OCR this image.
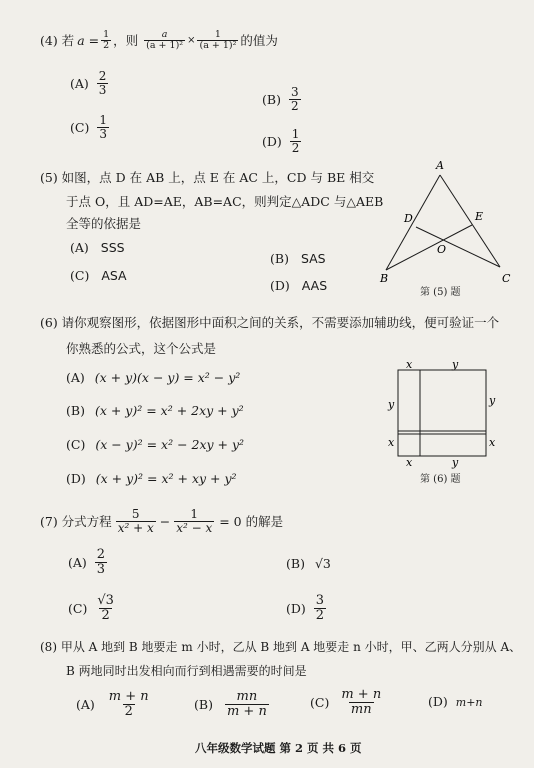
(4) 若 $a = \frac{1}{2}$ ，则 $\frac{a}{\text{(a + 1)²}} \times \frac{1}{\text{(a + 1)²}}$ 的值为
$(A) \frac{2}{3}$
$(B) \frac{3}{2}$
$(C) \frac{1}{3}$
$(D) \frac{1}{2}$
(5) 如图，点 D 在 AB 上，点 E 在 AC 上，CD 与 BE 相交
于点 O，且 AD=AE，AB=AC，则判定△ADC 与△AEB
全等的依据是
(A) SSS
(B) SAS
(C) ASA
(D) AAS
A
B	C
D	E
O
第 (5) 题
(6) 请你观察图形，依据图形中面积之间的关系，不需要添加辅助线，便可验证一个
你熟悉的公式，这个公式是
(A) (x + y)(x − y) = x² − y²
(B) (x + y)² = x² + 2xy + y²
(C) (x − y)² = x² − 2xy + y²
(D) (x + y)² = x² + xy + y²
x	y
y	y
x	x
x	y
第 (6) 题
(7) 分式方程 $\frac{5}{\text{x² + x}} - \frac{1}{\text{x² − x}} = 0$ 的解是
$(A) \frac{2}{3}$	(B) √3
$(C) \frac{√3}{2}$	$(D) \frac{3}{2}$
(8) 甲从 A 地到 B 地要走 m 小时，乙从 B 地到 A 地要走 n 小时，甲、乙两人分别从 A、
B 两地同时出发相向而行到相遇需要的时间是
$(A) \frac{m + n}{2}$	$(B) \frac{mn}{m + n}$	$(C) \frac{m + n}{mn}$	(D) m+n
八年级数学试题 第 2 页 共 6 页
